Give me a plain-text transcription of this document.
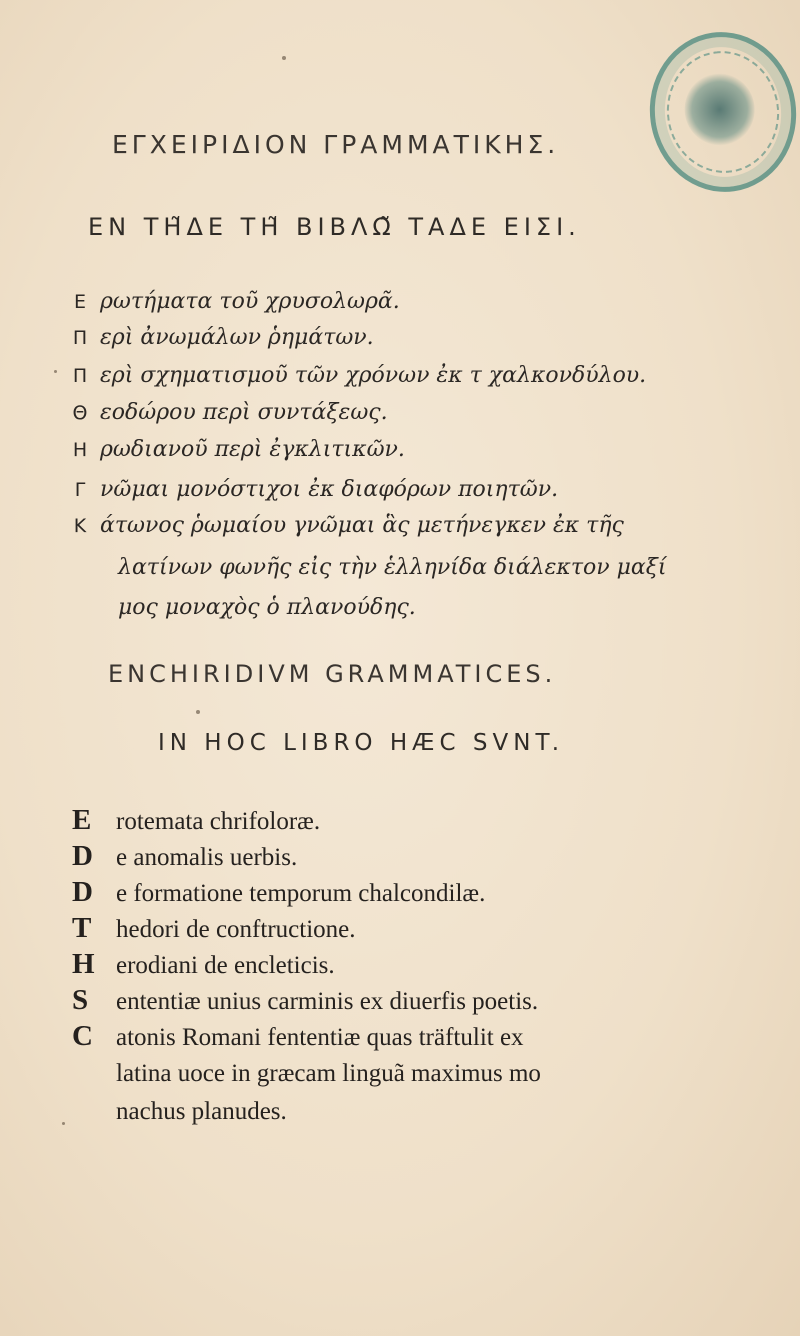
ΕΓΧΕΙΡΙΔΙΟΝ ΓΡΑΜΜΑΤΙΚΗΣ.
ΕΝ ΤΗ͂ΔΕ ΤΗ͂ ΒΙΒΛΩ͂ ΤΑΔΕ ΕΙΣΙ.
Ε ρωτήματα τοῦ χρυσολωρᾶ.
Π ερὶ ἀνωμάλων ῥημάτων.
Π ερὶ σχηματισμοῦ τῶν χρόνων ἐκ τ χαλκονδύλου.
Θ εοδώρου περὶ συντάξεως.
Η ρωδιανοῦ περὶ ἐγκλιτικῶν.
Γ νῶμαι μονόστιχοι ἐκ διαφόρων ποιητῶν.
Κ άτωνος ῥωμαίου γνῶμαι ἃς μετήνεγκεν ἐκ τῆς
λατίνων φωνῆς εἰς τὴν ἑλληνίδα διάλεκτον μαξί
μος μοναχὸς ὁ πλανούδης.
ENCHIRIDIVM GRAMMATICES.
IN HOC LIBRO HÆC SVNT.
E rotemata chrifoloræ.
D e anomalis uerbis.
D e formatione temporum chalcondilæ.
T hedori de conftructione.
H erodiani de encleticis.
S ententiæ unius carminis ex diuerfis poetis.
C atonis Romani fententiæ quas träftulit ex
latina uoce in græcam linguã maximus mo
nachus planudes.
